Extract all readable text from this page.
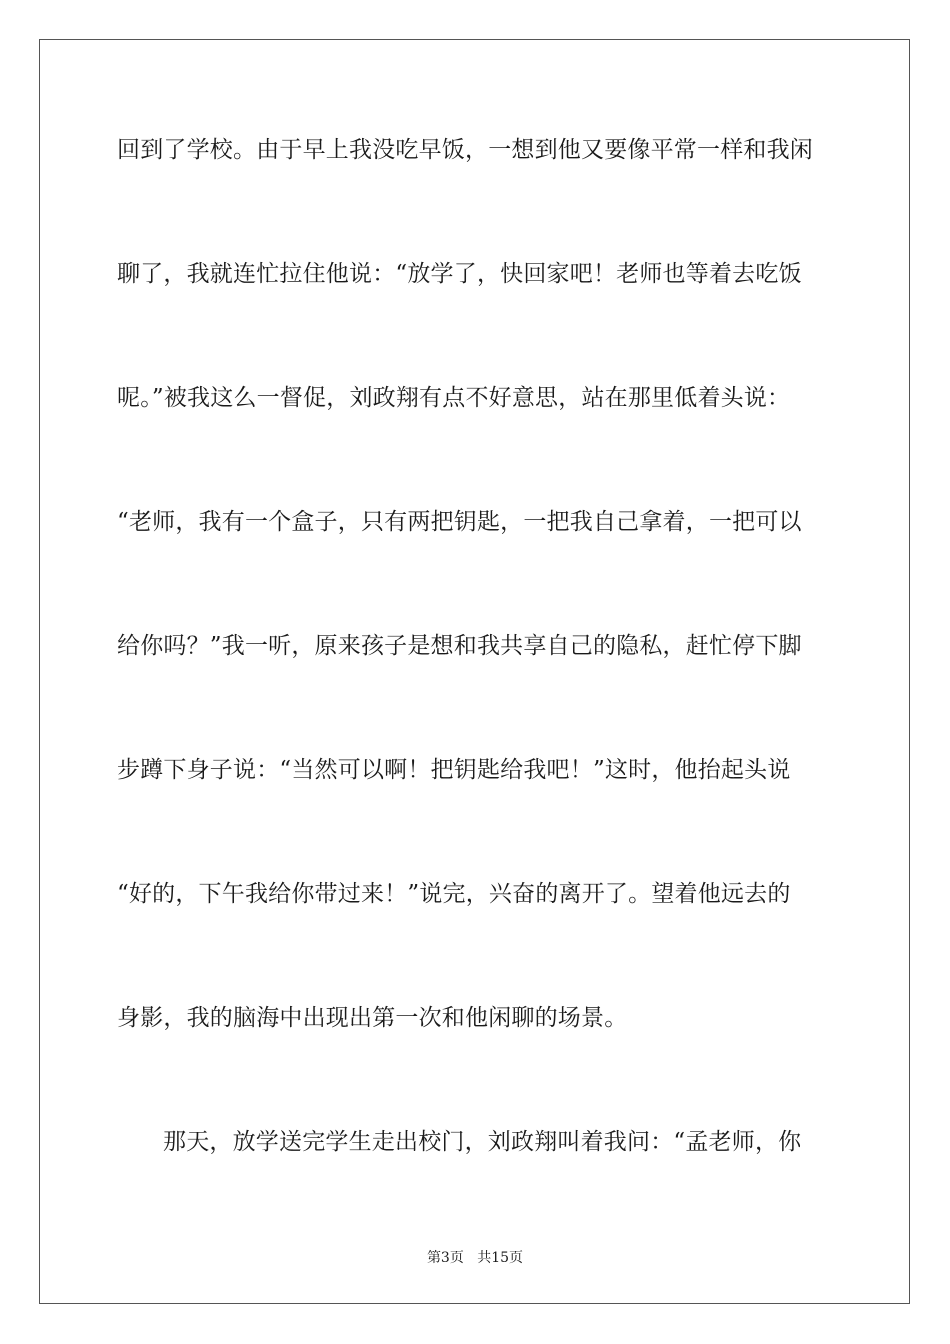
回到了学校。由于早上我没吃早饭，一想到他又要像平常一样和我闲
聊了，我就连忙拉住他说：“放学了，快回家吧！老师也等着去吃饭
呢。”被我这么一督促，刘政翔有点不好意思，站在那里低着头说：
“老师，我有一个盒子，只有两把钥匙，一把我自己拿着，一把可以
给你吗？”我一听，原来孩子是想和我共享自己的隐私，赶忙停下脚
步蹲下身子说：“当然可以啊！把钥匙给我吧！”这时，他抬起头说
“好的，下午我给你带过来！”说完，兴奋的离开了。望着他远去的
身影，我的脑海中出现出第一次和他闲聊的场景。
那天，放学送完学生走出校门，刘政翔叫着我问：“孟老师，你
第3页 共15页
